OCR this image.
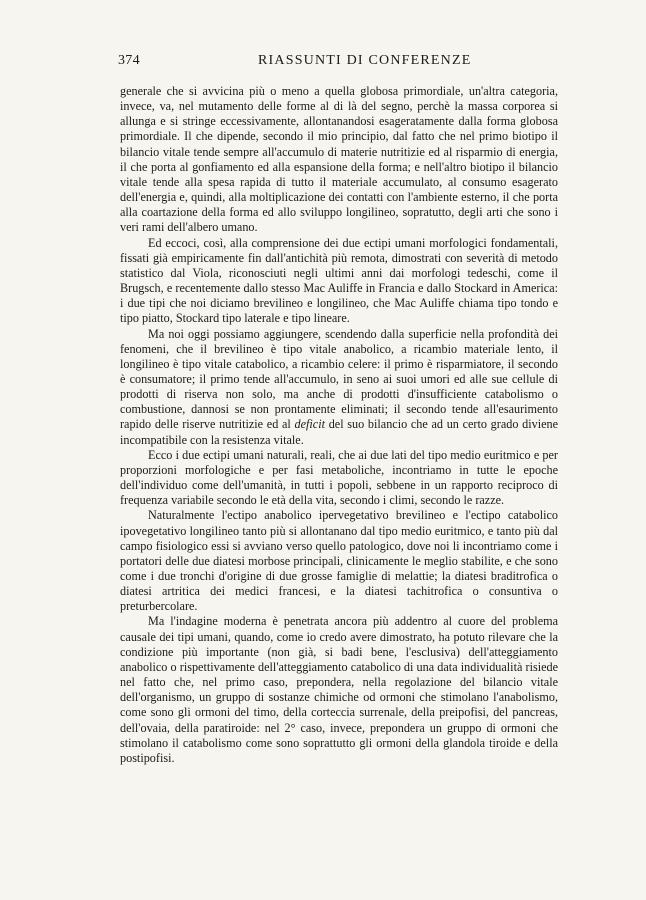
374	RIASSUNTI DI CONFERENZE

generale che si avvicina più o meno a quella globosa primordiale, un'altra categoria, invece, va, nel mutamento delle forme al di là del segno, perchè la massa corporea si allunga e si stringe eccessivamente, allontanandosi esageratamente dalla forma globosa primordiale. Il che dipende, secondo il mio principio, dal fatto che nel primo biotipo il bilancio vitale tende sempre all'accumulo di materie nutritizie ed al risparmio di energia, il che porta al gonfiamento ed alla espansione della forma; e nell'altro biotipo il bilancio vitale tende alla spesa rapida di tutto il materiale accumulato, al consumo esagerato dell'energia e, quindi, alla moltiplicazione dei contatti con l'ambiente esterno, il che porta alla coartazione della forma ed allo sviluppo longilineo, sopratutto, degli arti che sono i veri rami dell'albero umano.

Ed eccoci, così, alla comprensione dei due ectipi umani morfologici fondamentali, fissati già empiricamente fin dall'antichità più remota, dimostrati con severità di metodo statistico dal Viola, riconosciuti negli ultimi anni dai morfologi tedeschi, come il Brugsch, e recentemente dallo stesso Mac Auliffe in Francia e dallo Stockard in America: i due tipi che noi diciamo brevilineo e longilineo, che Mac Auliffe chiama tipo tondo e tipo piatto, Stockard tipo laterale e tipo lineare.

Ma noi oggi possiamo aggiungere, scendendo dalla superficie nella profondità dei fenomeni, che il brevilineo è tipo vitale anabolico, a ricambio materiale lento, il longilineo è tipo vitale catabolico, a ricambio celere: il primo è risparmiatore, il secondo è consumatore; il primo tende all'accumulo, in seno ai suoi umori ed alle sue cellule di prodotti di riserva non solo, ma anche di prodotti d'insufficiente catabolismo o combustione, dannosi se non prontamente eliminati; il secondo tende all'esaurimento rapido delle riserve nutritizie ed al deficit del suo bilancio che ad un certo grado diviene incompatibile con la resistenza vitale.

Ecco i due ectipi umani naturali, reali, che ai due lati del tipo medio euritmico e per proporzioni morfologiche e per fasi metaboliche, incontriamo in tutte le epoche dell'individuo come dell'umanità, in tutti i popoli, sebbene in un rapporto reciproco di frequenza variabile secondo le età della vita, secondo i climi, secondo le razze.

Naturalmente l'ectipo anabolico ipervegetativo brevilineo e l'ectipo catabolico ipovegetativo longilineo tanto più si allontanano dal tipo medio euritmico, e tanto più dal campo fisiologico essi si avviano verso quello patologico, dove noi li incontriamo come i portatori delle due diatesi morbose principali, clinicamente le meglio stabilite, e che sono come i due tronchi d'origine di due grosse famiglie di melattie; la diatesi braditrofica o diatesi artritica dei medici francesi, e la diatesi tachitrofica o consuntiva o preturbercolare.

Ma l'indagine moderna è penetrata ancora più addentro al cuore del problema causale dei tipi umani, quando, come io credo avere dimostrato, ha potuto rilevare che la condizione più importante (non già, si badi bene, l'esclusiva) dell'atteggiamento anabolico o rispettivamente dell'atteggiamento catabolico di una data individualità risiede nel fatto che, nel primo caso, prepondera, nella regolazione del bilancio vitale dell'organismo, un gruppo di sostanze chimiche od ormoni che stimolano l'anabolismo, come sono gli ormoni del timo, della corteccia surrenale, della preipofisi, del pancreas, dell'ovaia, della paratiroide: nel 2° caso, invece, prepondera un gruppo di ormoni che stimolano il catabolismo come sono soprattutto gli ormoni della glandola tiroide e della postipofisi.
